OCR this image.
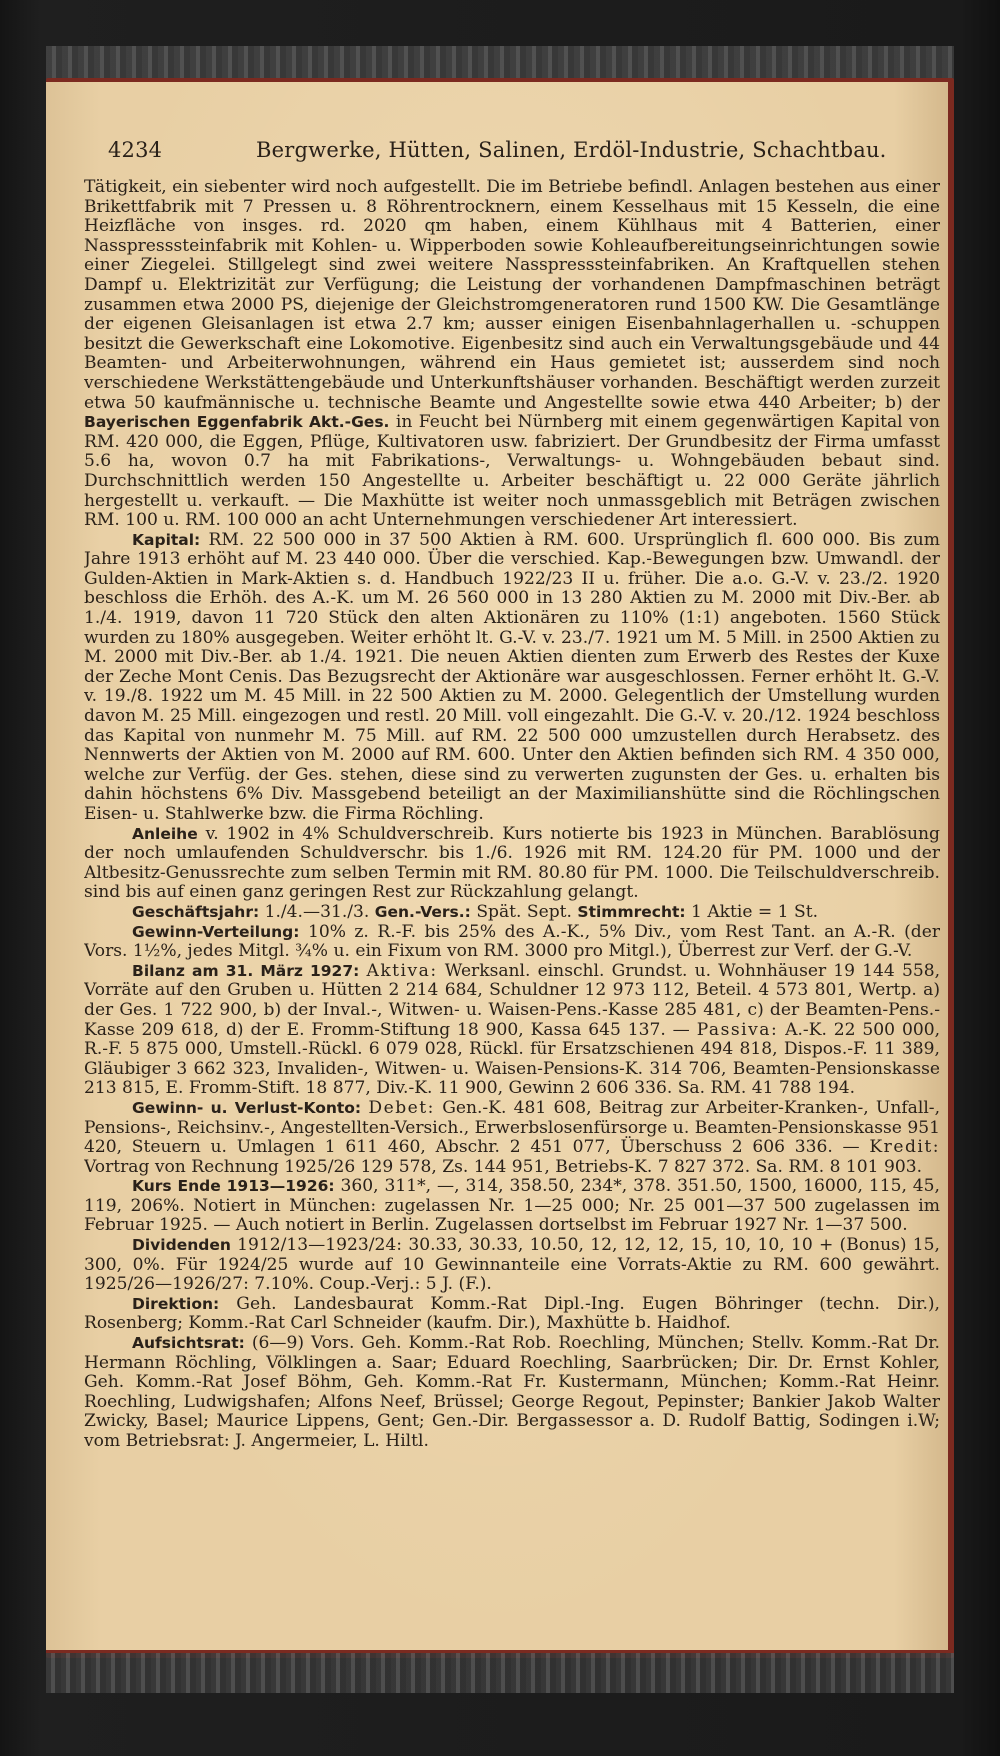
4234	Bergwerke, Hütten, Salinen, Erdöl-Industrie, Schachtbau.

Tätigkeit, ein siebenter wird noch aufgestellt. Die im Betriebe befindl. Anlagen bestehen aus einer Brikettfabrik mit 7 Pressen u. 8 Röhrentrocknern, einem Kesselhaus mit 15 Kesseln, die eine Heizfläche von insges. rd. 2020 qm haben, einem Kühlhaus mit 4 Batterien, einer Nasspresssteinfabrik mit Kohlen- u. Wipperboden sowie Kohleaufbereitungseinrichtungen sowie einer Ziegelei. Stillgelegt sind zwei weitere Nasspresssteinfabriken. An Kraftquellen stehen Dampf u. Elektrizität zur Verfügung; die Leistung der vorhandenen Dampfmaschinen beträgt zusammen etwa 2000 PS, diejenige der Gleichstromgeneratoren rund 1500 KW. Die Gesamtlänge der eigenen Gleisanlagen ist etwa 2.7 km; ausser einigen Eisenbahnlagerhallen u. -schuppen besitzt die Gewerkschaft eine Lokomotive. Eigenbesitz sind auch ein Verwaltungsgebäude und 44 Beamten- und Arbeiterwohnungen, während ein Haus gemietet ist; ausserdem sind noch verschiedene Werkstättengebäude und Unterkunftshäuser vorhanden. Beschäftigt werden zurzeit etwa 50 kaufmännische u. technische Beamte und Angestellte sowie etwa 440 Arbeiter; b) der Bayerischen Eggenfabrik Akt.-Ges. in Feucht bei Nürnberg mit einem gegenwärtigen Kapital von RM. 420 000, die Eggen, Pflüge, Kultivatoren usw. fabriziert. Der Grundbesitz der Firma umfasst 5.6 ha, wovon 0.7 ha mit Fabrikations-, Verwaltungs- u. Wohngebäuden bebaut sind. Durchschnittlich werden 150 Angestellte u. Arbeiter beschäftigt u. 22 000 Geräte jährlich hergestellt u. verkauft. — Die Maxhütte ist weiter noch unmassgeblich mit Beträgen zwischen RM. 100 u. RM. 100 000 an acht Unternehmungen verschiedener Art interessiert.

Kapital: RM. 22 500 000 in 37 500 Aktien à RM. 600. Ursprünglich fl. 600 000. Bis zum Jahre 1913 erhöht auf M. 23 440 000. Über die verschied. Kap.-Bewegungen bzw. Umwandl. der Gulden-Aktien in Mark-Aktien s. d. Handbuch 1922/23 II u. früher. Die a.o. G.-V. v. 23./2. 1920 beschloss die Erhöh. des A.-K. um M. 26 560 000 in 13 280 Aktien zu M. 2000 mit Div.-Ber. ab 1./4. 1919, davon 11 720 Stück den alten Aktionären zu 110% (1:1) angeboten. 1560 Stück wurden zu 180% ausgegeben. Weiter erhöht lt. G.-V. v. 23./7. 1921 um M. 5 Mill. in 2500 Aktien zu M. 2000 mit Div.-Ber. ab 1./4. 1921. Die neuen Aktien dienten zum Erwerb des Restes der Kuxe der Zeche Mont Cenis. Das Bezugsrecht der Aktionäre war ausgeschlossen. Ferner erhöht lt. G.-V. v. 19./8. 1922 um M. 45 Mill. in 22 500 Aktien zu M. 2000. Gelegentlich der Umstellung wurden davon M. 25 Mill. eingezogen und restl. 20 Mill. voll eingezahlt. Die G.-V. v. 20./12. 1924 beschloss das Kapital von nunmehr M. 75 Mill. auf RM. 22 500 000 umzustellen durch Herabsetz. des Nennwerts der Aktien von M. 2000 auf RM. 600. Unter den Aktien befinden sich RM. 4 350 000, welche zur Verfüg. der Ges. stehen, diese sind zu verwerten zugunsten der Ges. u. erhalten bis dahin höchstens 6% Div. Massgebend beteiligt an der Maximilianshütte sind die Röchlingschen Eisen- u. Stahlwerke bzw. die Firma Röchling.

Anleihe v. 1902 in 4% Schuldverschreib. Kurs notierte bis 1923 in München. Barablösung der noch umlaufenden Schuldverschr. bis 1./6. 1926 mit RM. 124.20 für PM. 1000 und der Altbesitz-Genussrechte zum selben Termin mit RM. 80.80 für PM. 1000. Die Teilschuldverschreib. sind bis auf einen ganz geringen Rest zur Rückzahlung gelangt.

Geschäftsjahr: 1./4.—31./3. Gen.-Vers.: Spät. Sept. Stimmrecht: 1 Aktie = 1 St.

Gewinn-Verteilung: 10% z. R.-F. bis 25% des A.-K., 5% Div., vom Rest Tant. an A.-R. (der Vors. 1½%, jedes Mitgl. ¾% u. ein Fixum von RM. 3000 pro Mitgl.), Überrest zur Verf. der G.-V.

Bilanz am 31. März 1927: Aktiva: Werksanl. einschl. Grundst. u. Wohnhäuser 19 144 558, Vorräte auf den Gruben u. Hütten 2 214 684, Schuldner 12 973 112, Beteil. 4 573 801, Wertp. a) der Ges. 1 722 900, b) der Inval.-, Witwen- u. Waisen-Pens.-Kasse 285 481, c) der Beamten-Pens.-Kasse 209 618, d) der E. Fromm-Stiftung 18 900, Kassa 645 137. — Passiva: A.-K. 22 500 000, R.-F. 5 875 000, Umstell.-Rückl. 6 079 028, Rückl. für Ersatzschienen 494 818, Dispos.-F. 11 389, Gläubiger 3 662 323, Invaliden-, Witwen- u. Waisen-Pensions-K. 314 706, Beamten-Pensionskasse 213 815, E. Fromm-Stift. 18 877, Div.-K. 11 900, Gewinn 2 606 336. Sa. RM. 41 788 194.

Gewinn- u. Verlust-Konto: Debet: Gen.-K. 481 608, Beitrag zur Arbeiter-Kranken-, Unfall-, Pensions-, Reichsinv.-, Angestellten-Versich., Erwerbslosenfürsorge u. Beamten-Pensionskasse 951 420, Steuern u. Umlagen 1 611 460, Abschr. 2 451 077, Überschuss 2 606 336. — Kredit: Vortrag von Rechnung 1925/26 129 578, Zs. 144 951, Betriebs-K. 7 827 372. Sa. RM. 8 101 903.

Kurs Ende 1913—1926: 360, 311*, —, 314, 358.50, 234*, 378. 351.50, 1500, 16000, 115, 45, 119, 206%. Notiert in München: zugelassen Nr. 1—25 000; Nr. 25 001—37 500 zugelassen im Februar 1925. — Auch notiert in Berlin. Zugelassen dortselbst im Februar 1927 Nr. 1—37 500.

Dividenden 1912/13—1923/24: 30.33, 30.33, 10.50, 12, 12, 12, 15, 10, 10, 10 + (Bonus) 15, 300, 0%. Für 1924/25 wurde auf 10 Gewinnanteile eine Vorrats-Aktie zu RM. 600 gewährt. 1925/26—1926/27: 7.10%. Coup.-Verj.: 5 J. (F.).

Direktion: Geh. Landesbaurat Komm.-Rat Dipl.-Ing. Eugen Böhringer (techn. Dir.), Rosenberg; Komm.-Rat Carl Schneider (kaufm. Dir.), Maxhütte b. Haidhof.

Aufsichtsrat: (6—9) Vors. Geh. Komm.-Rat Rob. Roechling, München; Stellv. Komm.-Rat Dr. Hermann Röchling, Völklingen a. Saar; Eduard Roechling, Saarbrücken; Dir. Dr. Ernst Kohler, Geh. Komm.-Rat Josef Böhm, Geh. Komm.-Rat Fr. Kustermann, München; Komm.-Rat Heinr. Roechling, Ludwigshafen; Alfons Neef, Brüssel; George Regout, Pepinster; Bankier Jakob Walter Zwicky, Basel; Maurice Lippens, Gent; Gen.-Dir. Bergassessor a. D. Rudolf Battig, Sodingen i.W; vom Betriebsrat: J. Angermeier, L. Hiltl.
